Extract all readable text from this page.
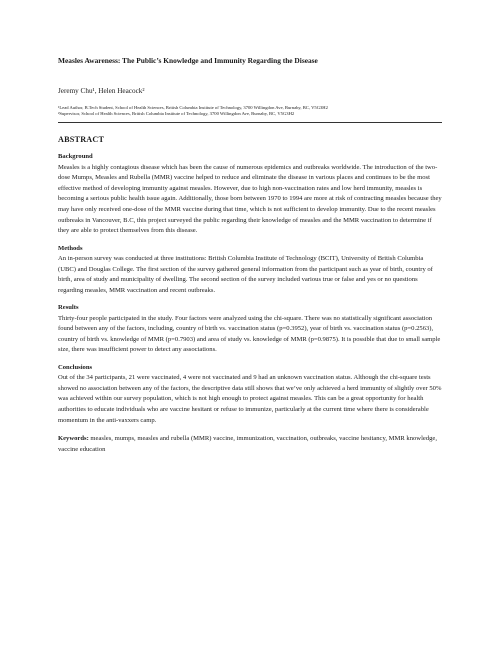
Measles Awareness: The Public’s Knowledge and Immunity Regarding the Disease

Jeremy Chu¹, Helen Heacock²

¹Lead Author, B.Tech Student, School of Health Sciences, British Columbia Institute of Technology, 3700 Willingdon Ave, Burnaby, BC, V5G3H2

²Supervisor, School of Health Sciences, British Columbia Institute of Technology, 3700 Willingdon Ave, Burnaby, BC, V5G3H2

ABSTRACT

Background

Measles is a highly contagious disease which has been the cause of numerous epidemics and outbreaks worldwide. The introduction of the two-dose Mumps, Measles and Rubella (MMR) vaccine helped to reduce and eliminate the disease in various places and continues to be the most effective method of developing immunity against measles. However, due to high non-vaccination rates and low herd immunity, measles is becoming a serious public health issue again. Additionally, those born between 1970 to 1994 are more at risk of contracting measles because they may have only received one-dose of the MMR vaccine during that time, which is not sufficient to develop immunity. Due to the recent measles outbreaks in Vancouver, B.C, this project surveyed the public regarding their knowledge of measles and the MMR vaccination to determine if they are able to protect themselves from this disease.

Methods

An in-person survey was conducted at three institutions: British Columbia Institute of Technology (BCIT), University of British Columbia (UBC) and Douglas College. The first section of the survey gathered general information from the participant such as year of birth, country of birth, area of study and municipality of dwelling. The second section of the survey included various true or false and yes or no questions regarding measles, MMR vaccination and recent outbreaks.

Results

Thirty-four people participated in the study. Four factors were analyzed using the chi-square. There was no statistically significant association found between any of the factors, including, country of birth vs. vaccination status (p=0.3952), year of birth vs. vaccination status (p=0.2563), country of birth vs. knowledge of MMR (p=0.7903) and area of study vs. knowledge of MMR (p=0.9875). It is possible that due to small sample size, there was insufficient power to detect any associations.

Conclusions

Out of the 34 participants, 21 were vaccinated, 4 were not vaccinated and 9 had an unknown vaccination status. Although the chi-square tests showed no association between any of the factors, the descriptive data still shows that we’ve only achieved a herd immunity of slightly over 50% was achieved within our survey population, which is not high enough to protect against measles. This can be a great opportunity for health authorities to educate individuals who are vaccine hesitant or refuse to immunize, particularly at the current time where there is considerable momentum in the anti-vaxxers camp.

Keywords: measles, mumps, measles and rubella (MMR) vaccine, immunization, vaccination, outbreaks, vaccine hesitancy, MMR knowledge, vaccine education
